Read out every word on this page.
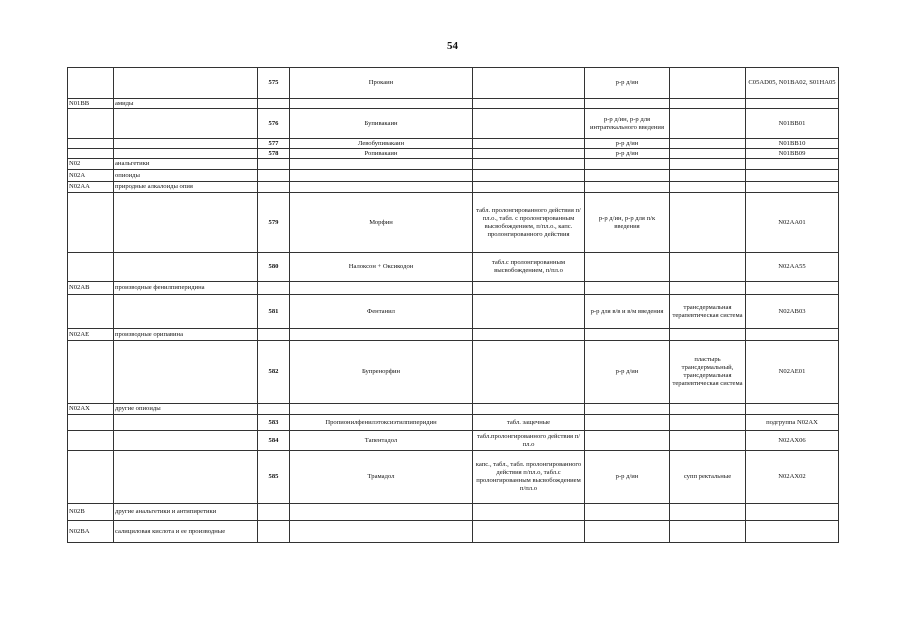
54
		575	Прокаин		р-р д/ин		C05AD05, N01BA02, S01HA05
N01BB	амиды						
		576	Бупивакаин		р-р д/ин, р-р для интратекального введения		N01BB01
		577	Левобупивакаин		р-р д/ин		N01BB10
		578	Ропивакаин		р-р д/ин		N01BB09
N02	анальгетики						
N02A	опиоиды						
N02AA	природные алкалоиды опия						
		579	Морфин	табл. пролонгированного действия п/пл.о., табл. с пролонгированным высвобождением, п/пл.о., капс. пролонгированного действия	р-р д/ин, р-р для п/к введения		N02AA01
		580	Налоксон + Оксикодон	табл.с пролонгированным высвобождением, п/пл.о			N02AA55
N02AB	производные фенилпиперидина						
		581	Фентанил		р-р для в/в и в/м введения	трансдермальная терапевтическая система	N02AB03
N02AE	производные орипавина						
		582	Бупренорфин		р-р д/ин	пластырь трансдермальный, трансдермальная терапевтическая система	N02AE01
N02AX	другие опиоиды						
		583	Пропионилфенилэтоксиэтилпиперидин	табл. защечные			подгруппа N02AX
		584	Тапентадол	табл.пролонгированного действия п/пл.о			N02AX06
		585	Трамадол	капс., табл., табл. пролонгированного действия п/пл.о, табл.с пролонгированным высвобождением п/пл.о	р-р д/ин	супп ректальные	N02AX02
N02B	другие анальгетики и антипиретики						
N02BA	салициловая кислота и ее производные						
